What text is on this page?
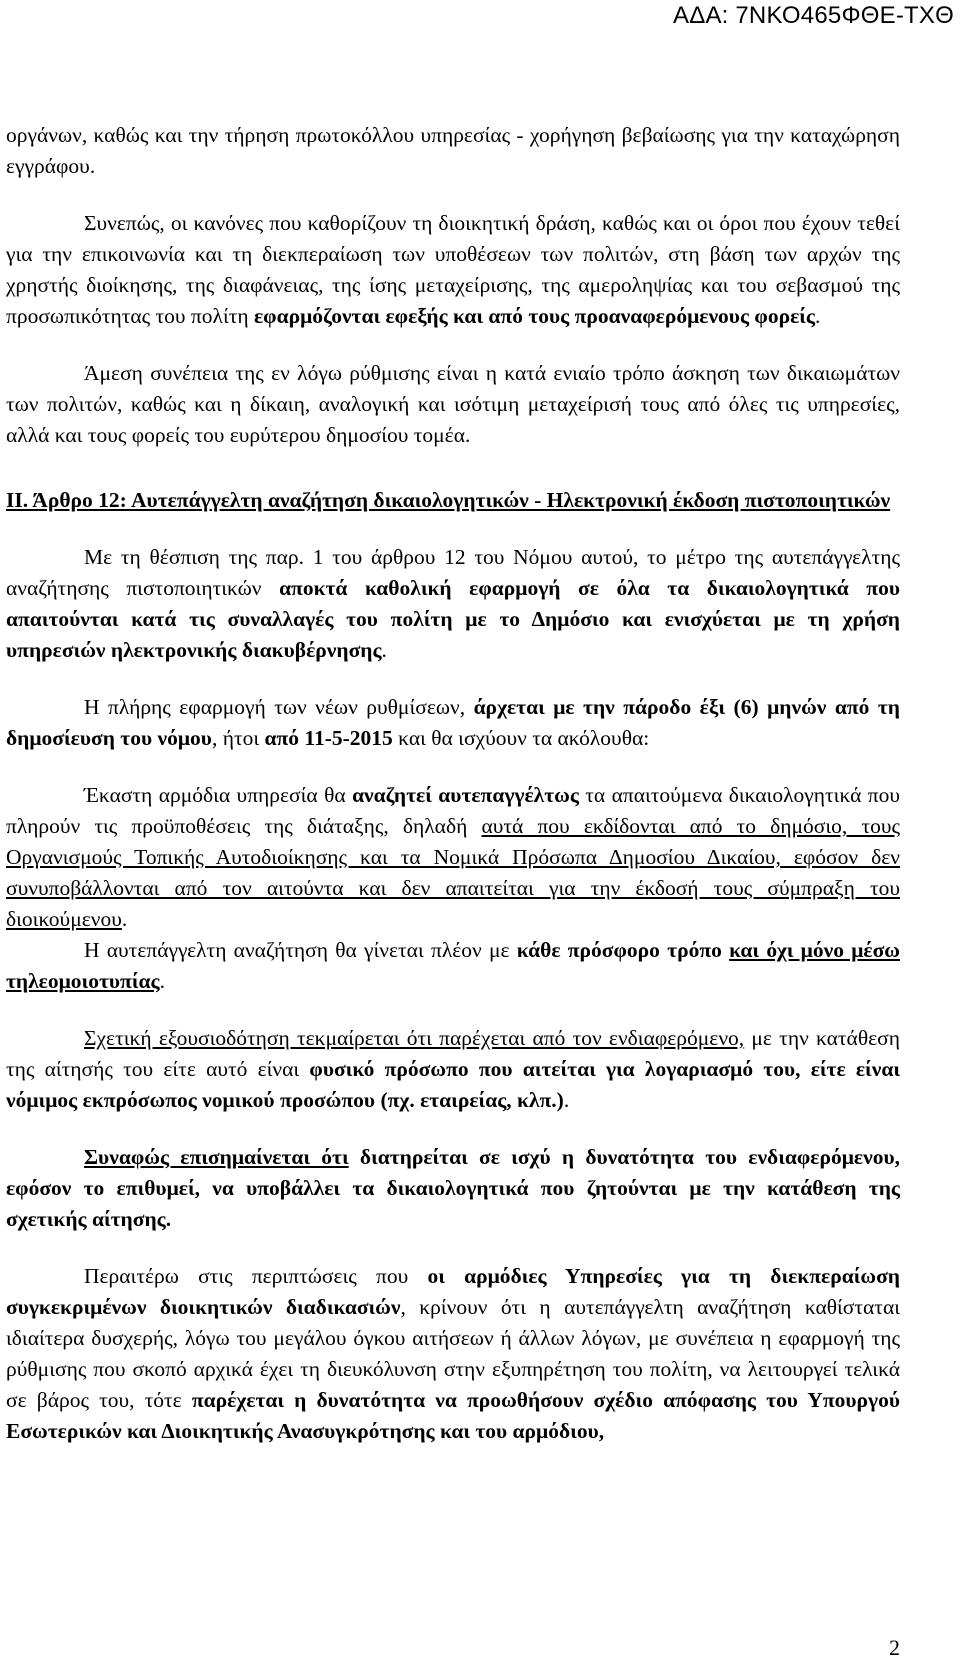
ΑΔΑ: 7ΝΚΟ465ΦΘΕ-ΤΧΘ

οργάνων, καθώς και την τήρηση πρωτοκόλλου υπηρεσίας - χορήγηση βεβαίωσης για την καταχώρηση εγγράφου.

Συνεπώς, οι κανόνες που καθορίζουν τη διοικητική δράση, καθώς και οι όροι που έχουν τεθεί για την επικοινωνία και τη διεκπεραίωση των υποθέσεων των πολιτών, στη βάση των αρχών της χρηστής διοίκησης, της διαφάνειας, της ίσης μεταχείρισης, της αμεροληψίας και του σεβασμού της προσωπικότητας του πολίτη εφαρμόζονται εφεξής και από τους προαναφερόμενους φορείς.

Άμεση συνέπεια της εν λόγω ρύθμισης είναι η κατά ενιαίο τρόπο άσκηση των δικαιωμάτων των πολιτών, καθώς και η δίκαιη, αναλογική και ισότιμη μεταχείρισή τους από όλες τις υπηρεσίες, αλλά και τους φορείς του ευρύτερου δημοσίου τομέα.

ΙΙ. Άρθρο 12: Αυτεπάγγελτη αναζήτηση δικαιολογητικών - Ηλεκτρονική έκδοση πιστοποιητικών

Με τη θέσπιση της παρ. 1 του άρθρου 12 του Νόμου αυτού, το μέτρο της αυτεπάγγελτης αναζήτησης πιστοποιητικών αποκτά καθολική εφαρμογή σε όλα τα δικαιολογητικά που απαιτούνται κατά τις συναλλαγές του πολίτη με το Δημόσιο και ενισχύεται με τη χρήση υπηρεσιών ηλεκτρονικής διακυβέρνησης.

Η πλήρης εφαρμογή των νέων ρυθμίσεων, άρχεται με την πάροδο έξι (6) μηνών από τη δημοσίευση του νόμου, ήτοι από 11-5-2015 και θα ισχύουν τα ακόλουθα:

Έκαστη αρμόδια υπηρεσία θα αναζητεί αυτεπαγγέλτως τα απαιτούμενα δικαιολογητικά που πληρούν τις προϋποθέσεις της διάταξης, δηλαδή αυτά που εκδίδονται από το δημόσιο, τους Οργανισμούς Τοπικής Αυτοδιοίκησης και τα Νομικά Πρόσωπα Δημοσίου Δικαίου, εφόσον δεν συνυποβάλλονται από τον αιτούντα και δεν απαιτείται για την έκδοσή τους σύμπραξη του διοικούμενου.

Η αυτεπάγγελτη αναζήτηση θα γίνεται πλέον με κάθε πρόσφορο τρόπο και όχι μόνο μέσω τηλεομοιοτυπίας.

Σχετική εξουσιοδότηση τεκμαίρεται ότι παρέχεται από τον ενδιαφερόμενο, με την κατάθεση της αίτησής του είτε αυτό είναι φυσικό πρόσωπο που αιτείται για λογαριασμό του, είτε είναι νόμιμος εκπρόσωπος νομικού προσώπου (πχ. εταιρείας, κλπ.).

Συναφώς επισημαίνεται ότι διατηρείται σε ισχύ η δυνατότητα του ενδιαφερόμενου, εφόσον το επιθυμεί, να υποβάλλει τα δικαιολογητικά που ζητούνται με την κατάθεση της σχετικής αίτησης.

Περαιτέρω στις περιπτώσεις που οι αρμόδιες Υπηρεσίες για τη διεκπεραίωση συγκεκριμένων διοικητικών διαδικασιών, κρίνουν ότι η αυτεπάγγελτη αναζήτηση καθίσταται ιδιαίτερα δυσχερής, λόγω του μεγάλου όγκου αιτήσεων ή άλλων λόγων, με συνέπεια η εφαρμογή της ρύθμισης που σκοπό αρχικά έχει τη διευκόλυνση στην εξυπηρέτηση του πολίτη, να λειτουργεί τελικά σε βάρος του, τότε παρέχεται η δυνατότητα να προωθήσουν σχέδιο απόφασης του Υπουργού Εσωτερικών και Διοικητικής Ανασυγκρότησης και του αρμόδιου,

2
